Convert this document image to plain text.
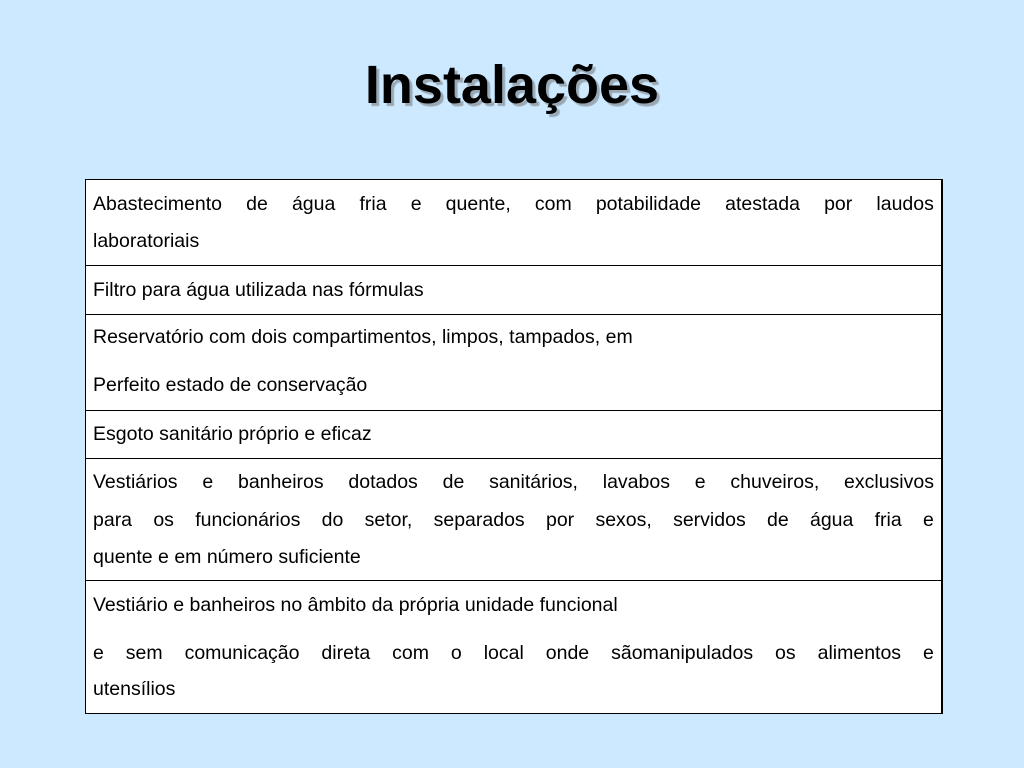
Instalações
Abastecimento de água fria e quente, com potabilidade atestada por laudos
laboratoriais
Filtro para água utilizada nas fórmulas
Reservatório com dois compartimentos, limpos, tampados, em
Perfeito estado de conservação
Esgoto sanitário próprio e eficaz
Vestiários e banheiros dotados de sanitários, lavabos e chuveiros, exclusivos
para os funcionários do setor, separados por sexos, servidos de água fria e
quente e em número suficiente
Vestiário e banheiros no âmbito da própria unidade funcional
e sem comunicação direta com o local onde sãomanipulados os alimentos e
utensílios
